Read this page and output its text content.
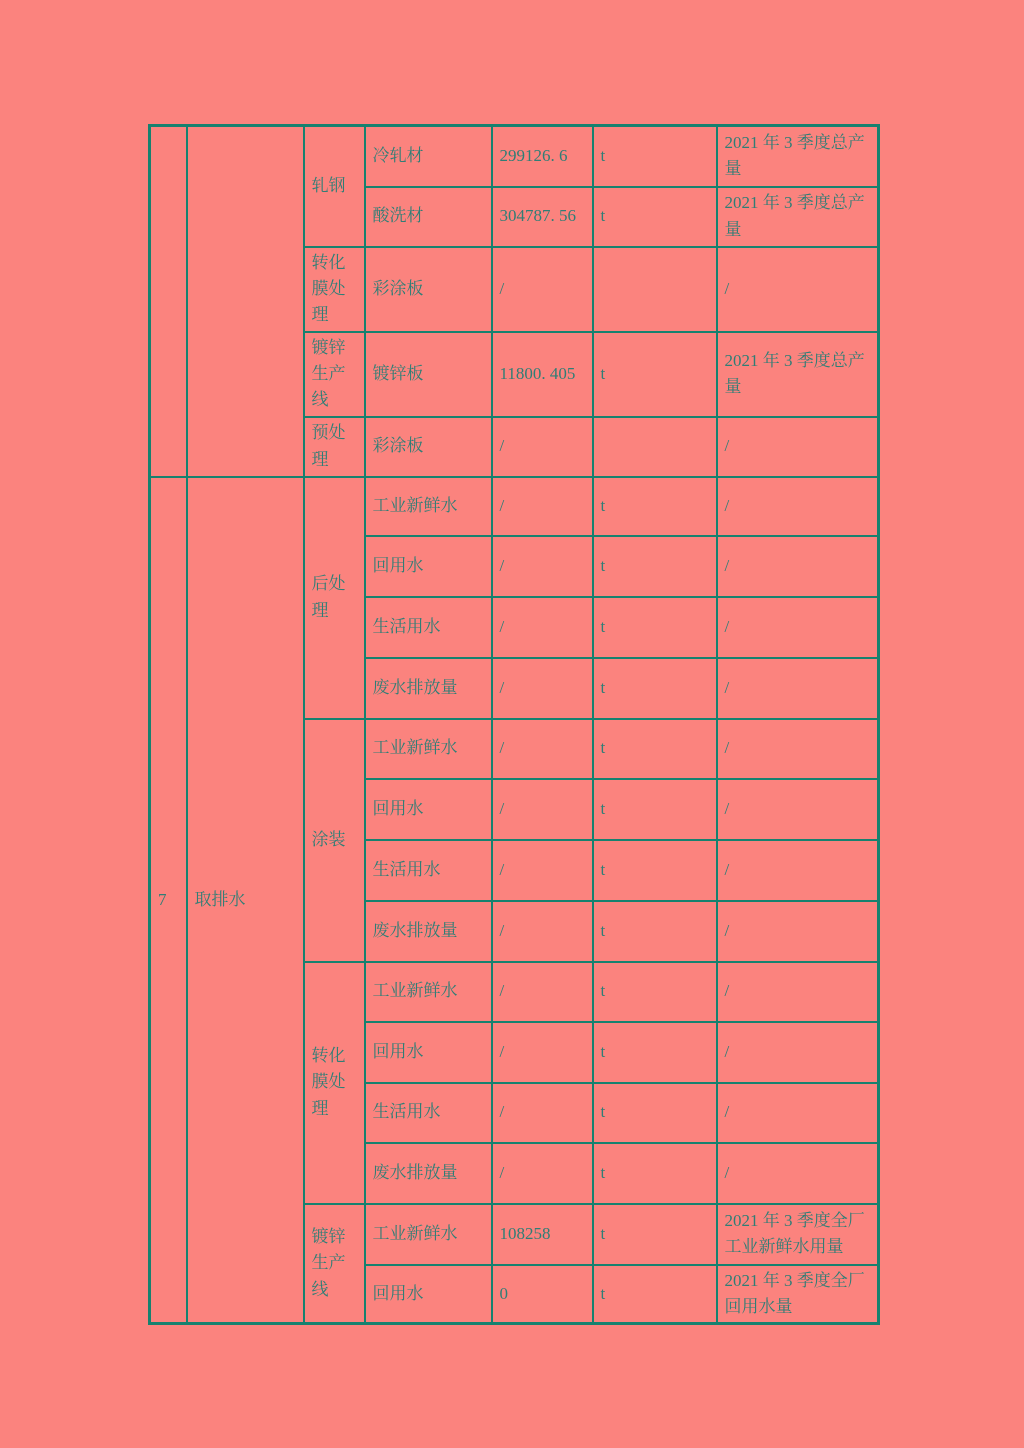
		轧钢	冷轧材	299126. 6	t	2021 年 3 季度总产量
			酸洗材	304787. 56	t	2021 年 3 季度总产量
		转化膜处理	彩涂板	/		/
		镀锌生产线	镀锌板	11800. 405	t	2021 年 3 季度总产量
		预处理	彩涂板	/		/
7	取排水	后处理	工业新鲜水	/	t	/
			回用水	/	t	/
			生活用水	/	t	/
			废水排放量	/	t	/
		涂装	工业新鲜水	/	t	/
			回用水	/	t	/
			生活用水	/	t	/
			废水排放量	/	t	/
		转化膜处理	工业新鲜水	/	t	/
			回用水	/	t	/
			生活用水	/	t	/
			废水排放量	/	t	/
		镀锌生产线	工业新鲜水	108258	t	2021 年 3 季度全厂工业新鲜水用量
			回用水	0	t	2021 年 3 季度全厂回用水量
